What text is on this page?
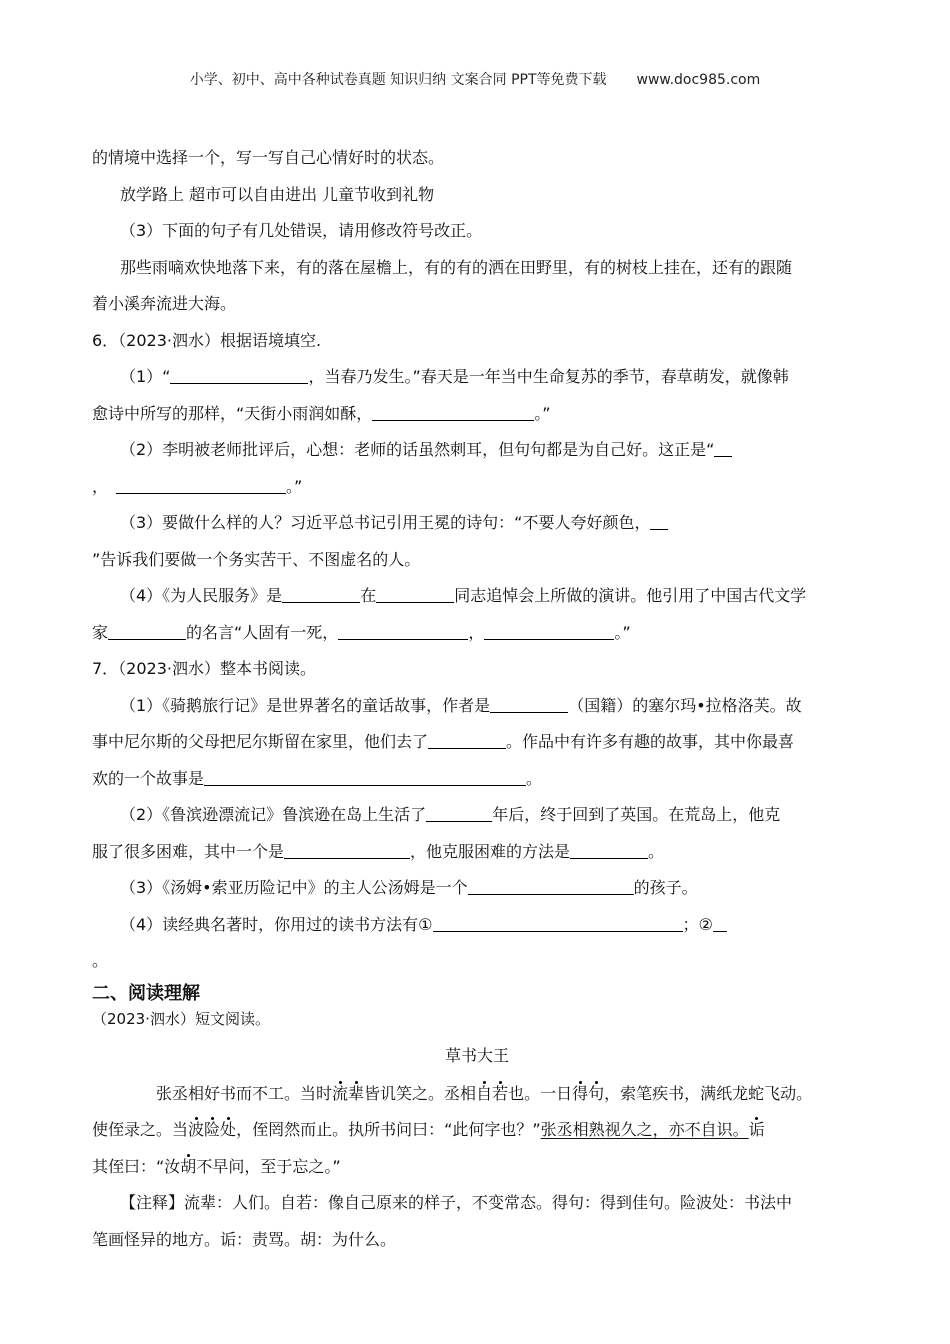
小学、初中、高中各种试卷真题 知识归纳 文案合同 PPT等免费下载 www.doc985.com
的情境中选择一个，写一写自己心情好时的状态。
放学路上 超市可以自由进出 儿童节收到礼物
（3）下面的句子有几处错误，请用修改符号改正。
那些雨嘀欢快地落下来，有的落在屋檐上，有的有的洒在田野里，有的树枝上挂在，还有的跟随
着小溪奔流进大海。
6．（2023·泗水）根据语境填空.
（1）“	，当春乃发生。”春天是一年当中生命复苏的季节，春草萌发，就像韩
愈诗中所写的那样，“天街小雨润如酥，	。”
（2）李明被老师批评后，心想：老师的话虽然刺耳，但句句都是为自己好。这正是“
，	。”
（3）要做什么样的人？习近平总书记引用王冕的诗句：“不要人夸好颜色，
”告诉我们要做一个务实苦干、不图虚名的人。
（4）《为人民服务》是	在	同志追悼会上所做的演讲。他引用了中国古代文学
家	的名言“人固有一死，	，	。”
7．（2023·泗水）整本书阅读。
（1）《骑鹅旅行记》是世界著名的童话故事，作者是	（国籍）的塞尔玛•拉格洛芙。故
事中尼尔斯的父母把尼尔斯留在家里，他们去了	。作品中有许多有趣的故事，其中你最喜
欢的一个故事是	。
（2）《鲁滨逊漂流记》鲁滨逊在岛上生活了	年后，终于回到了英国。在荒岛上，他克
服了很多困难，其中一个是	，他克服困难的方法是	。
（3）《汤姆•索亚历险记中》的主人公汤姆是一个	的孩子。
（4）读经典名著时，你用过的读书方法有①	；②
。
二、阅读理解
（2023·泗水）短文阅读。
草书大王
张丞相好书而不工。当时流辈皆讥笑之。丞相自若也。一日得句，索笔疾书，满纸龙蛇飞动。
使侄录之。当波险处，侄罔然而止。执所书问曰：“此何字也？”张丞相熟视久之，亦不自识。诟
其侄曰：“汝胡不早问，至于忘之。”
【注释】流辈：人们。自若：像自己原来的样子，不变常态。得句：得到佳句。险波处：书法中
笔画怪异的地方。诟：责骂。胡：为什么。
